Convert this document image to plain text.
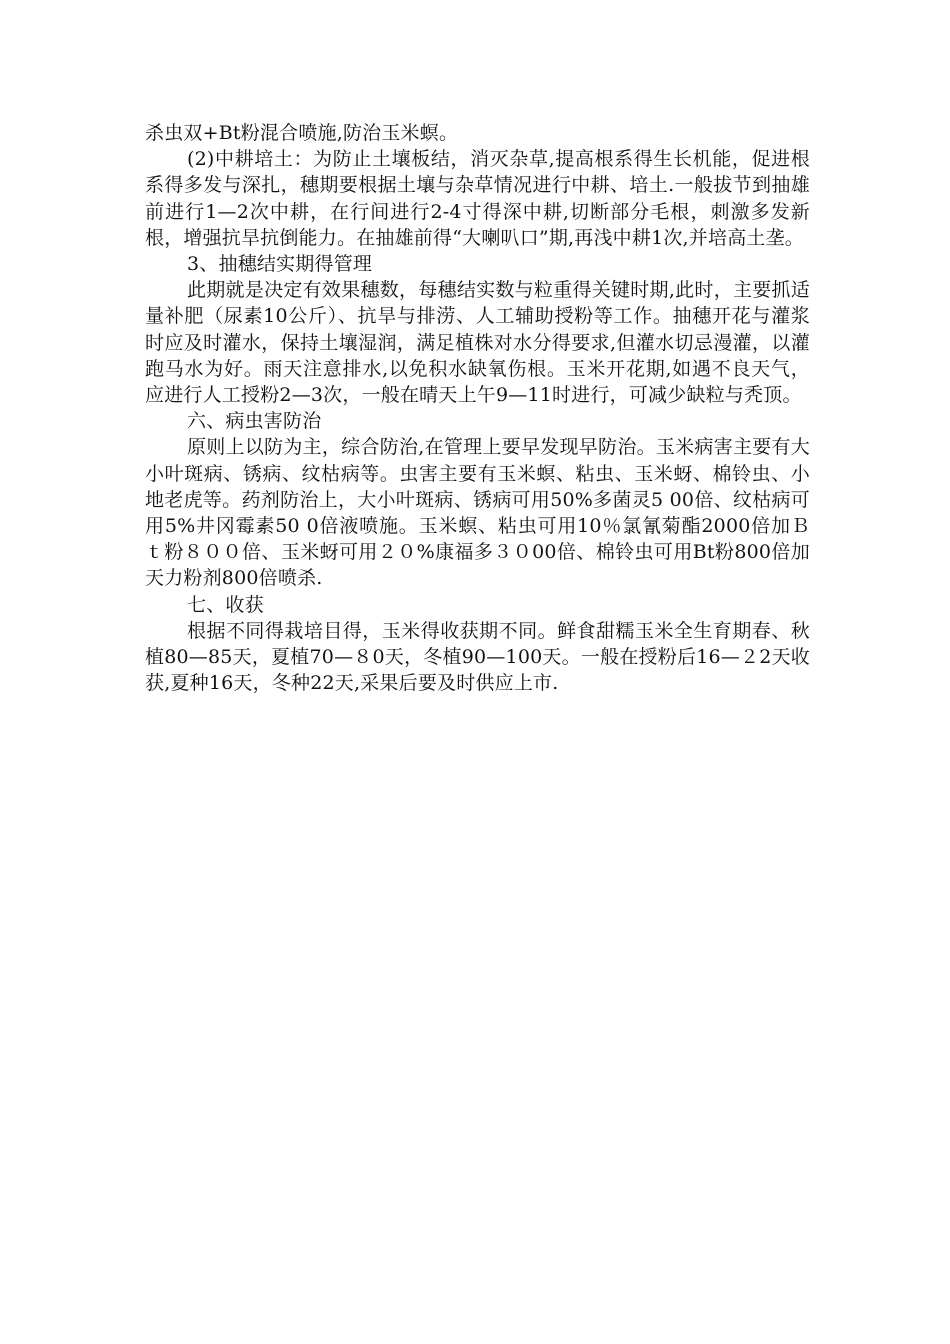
杀虫双+Bt粉混合喷施,防治玉米螟。

(2)中耕培土：为防止土壤板结，消灭杂草,提高根系得生长机能，促进根系得多发与深扎，穗期要根据土壤与杂草情况进行中耕、培土.一般拔节到抽雄前进行1—2次中耕，在行间进行2-4寸得深中耕,切断部分毛根，刺激多发新根，增强抗旱抗倒能力。在抽雄前得“大喇叭口”期,再浅中耕1次,并培高土垄。

3、抽穗结实期得管理

此期就是决定有效果穗数，每穗结实数与粒重得关键时期,此时，主要抓适量补肥（尿素10公斤）、抗旱与排涝、人工辅助授粉等工作。抽穗开花与灌浆时应及时灌水，保持土壤湿润，满足植株对水分得要求,但灌水切忌漫灌，以灌跑马水为好。雨天注意排水,以免积水缺氧伤根。玉米开花期,如遇不良天气，应进行人工授粉2—3次，一般在晴天上午9—11时进行，可减少缺粒与秃顶。

六、病虫害防治

原则上以防为主，综合防治,在管理上要早发现早防治。玉米病害主要有大小叶斑病、锈病、纹枯病等。虫害主要有玉米螟、粘虫、玉米蚜、棉铃虫、小地老虎等。药剂防治上，大小叶斑病、锈病可用50%多菌灵5 00倍、纹枯病可用5%井冈霉素50 0倍液喷施。玉米螟、粘虫可用10％氯氰菊酯2000倍加Ｂｔ粉８００倍、玉米蚜可用２０%康福多３０00倍、棉铃虫可用Bt粉800倍加天力粉剂800倍喷杀.

七、收获

根据不同得栽培目得，玉米得收获期不同。鲜食甜糯玉米全生育期春、秋植80—85天，夏植70—８0天，冬植90—100天。一般在授粉后16—２2天收获,夏种16天，冬种22天,采果后要及时供应上市.
